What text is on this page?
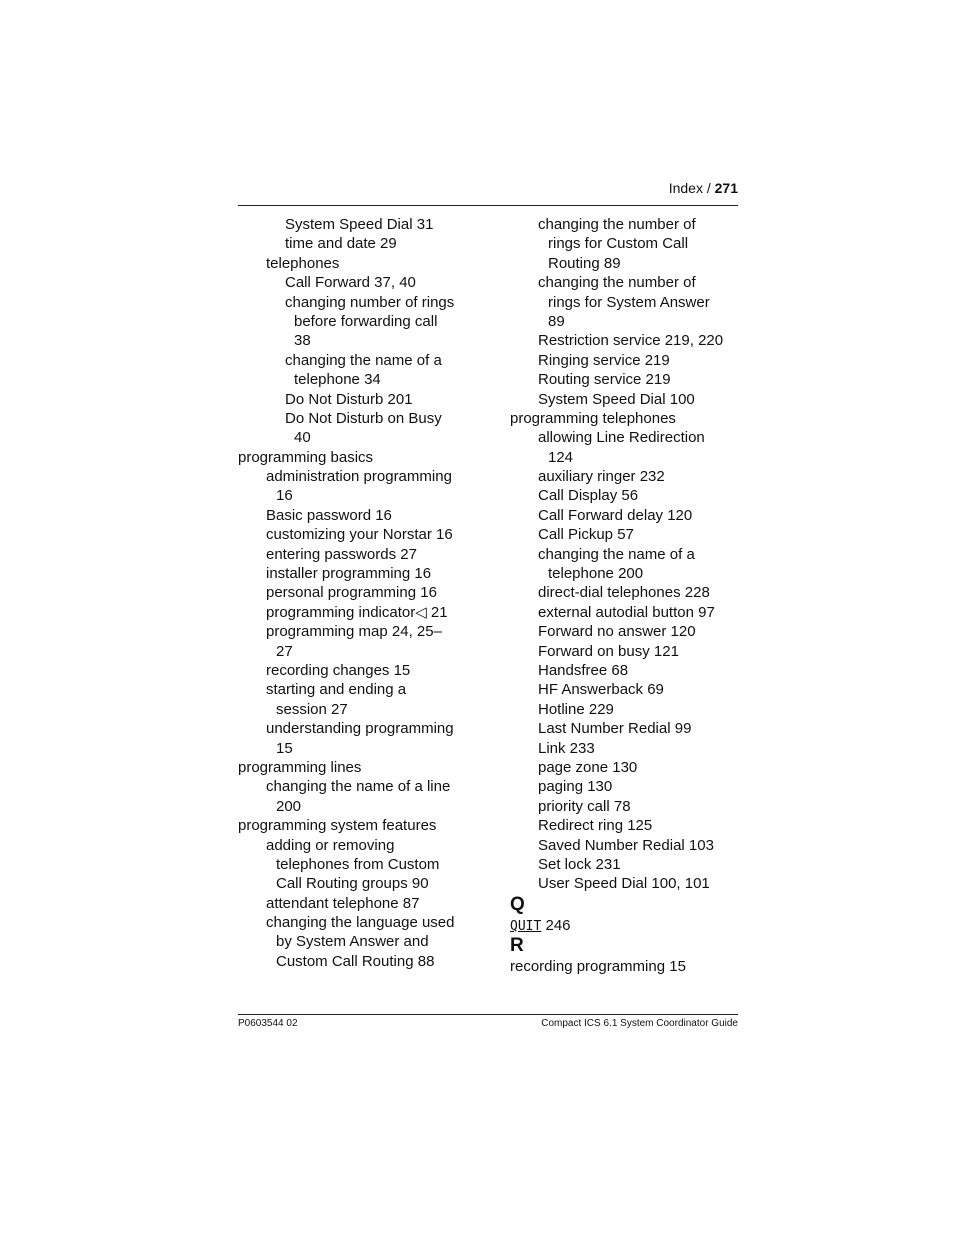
Index / 271
System Speed Dial 31
time and date 29
telephones
Call Forward 37, 40
changing number of rings
before forwarding call
38
changing the name of a
telephone 34
Do Not Disturb 201
Do Not Disturb on Busy
40
programming basics
administration programming
16
Basic password 16
customizing your Norstar 16
entering passwords 27
installer programming 16
personal programming 16
programming indicator◁ 21
programming map 24, 25–
27
recording changes 15
starting and ending a
session 27
understanding programming
15
programming lines
changing the name of a line
200
programming system features
adding or removing
telephones from Custom
Call Routing groups 90
attendant telephone 87
changing the language used
by System Answer and
Custom Call Routing 88
changing the number of
rings for Custom Call
Routing 89
changing the number of
rings for System Answer
89
Restriction service 219, 220
Ringing service 219
Routing service 219
System Speed Dial 100
programming telephones
allowing Line Redirection
124
auxiliary ringer 232
Call Display 56
Call Forward delay 120
Call Pickup 57
changing the name of a
telephone 200
direct-dial telephones 228
external autodial button 97
Forward no answer 120
Forward on busy 121
Handsfree 68
HF Answerback 69
Hotline 229
Last Number Redial 99
Link 233
page zone 130
paging 130
priority call 78
Redirect ring 125
Saved Number Redial 103
Set lock 231
User Speed Dial 100, 101
Q
QUIT 246
R
recording programming 15
P0603544 02	Compact ICS 6.1 System Coordinator Guide
